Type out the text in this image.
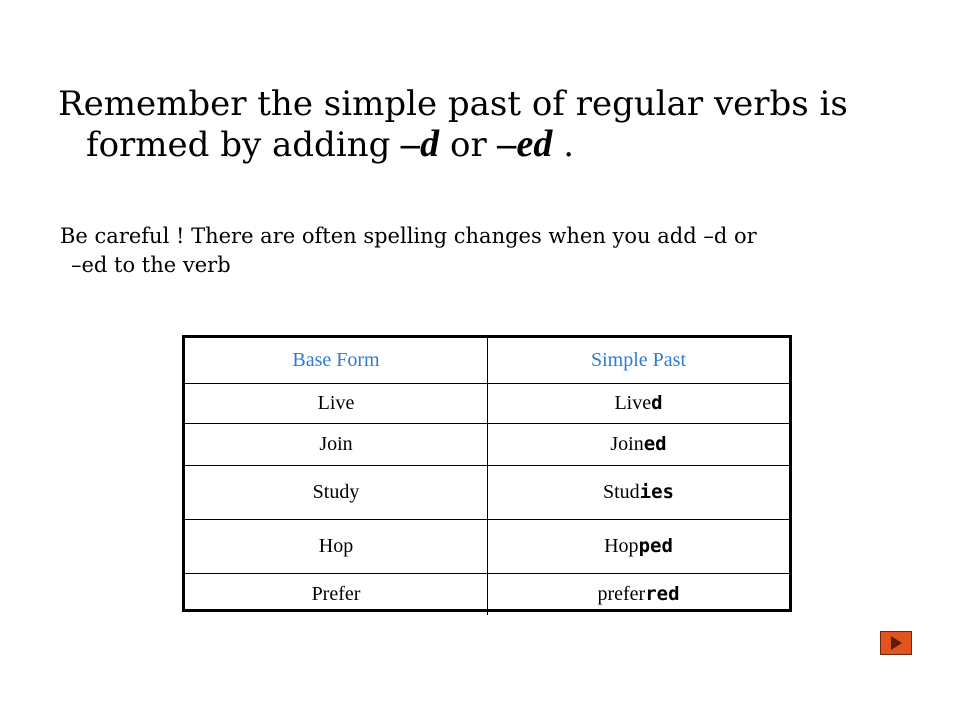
Remember the simple past of regular verbs is
formed by adding –d or –ed .
Be careful ! There are often spelling changes when you add –d or
–ed to the verb
Base Form	Simple Past
Live	Lived
Join	Joined
Study	Studies
Hop	Hopped
Prefer	preferred
